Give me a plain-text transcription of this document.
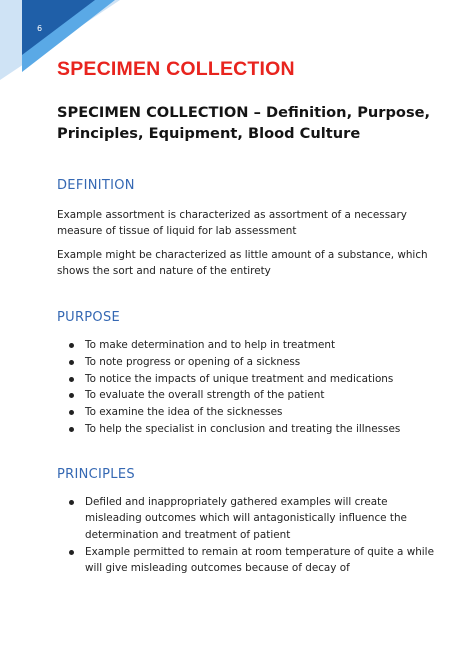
6
SPECIMEN COLLECTION
SPECIMEN COLLECTION – Definition, Purpose, Principles, Equipment, Blood Culture
DEFINITION

Example assortment is characterized as assortment of a necessary measure of tissue of liquid for lab assessment

Example might be characterized as little amount of a substance, which shows the sort and nature of the entirety

PURPOSE
To make determination and to help in treatment
To note progress or opening of a sickness
To notice the impacts of unique treatment and medications
To evaluate the overall strength of the patient
To examine the idea of the sicknesses
To help the specialist in conclusion and treating the illnesses
PRINCIPLES
Defiled and inappropriately gathered examples will create misleading outcomes which will antagonistically influence the determination and treatment of patient
Example permitted to remain at room temperature of quite a while will give misleading outcomes because of decay of
